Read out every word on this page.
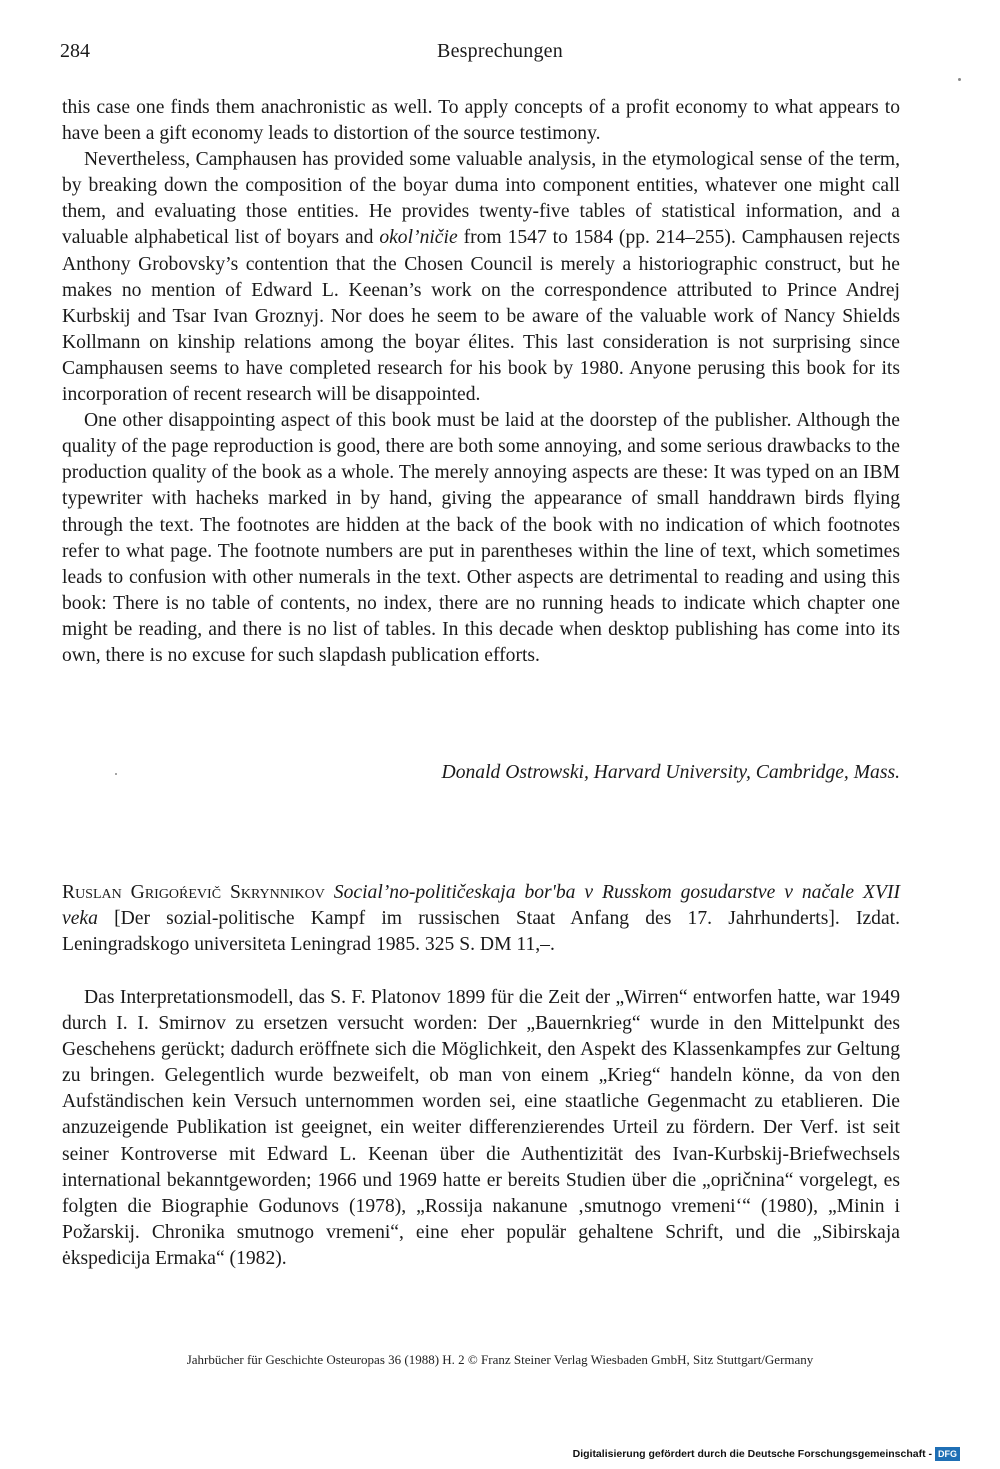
284	Besprechungen

this case one finds them anachronistic as well. To apply concepts of a profit economy to what appears to have been a gift economy leads to distortion of the source testimony.

Nevertheless, Camphausen has provided some valuable analysis, in the etymological sense of the term, by breaking down the composition of the boyar duma into component entities, whatever one might call them, and evaluating those entities. He provides twenty-five tables of statistical information, and a valuable alphabetical list of boyars and okol’ničie from 1547 to 1584 (pp. 214–255). Camphausen rejects Anthony Grobovsky’s contention that the Chosen Council is merely a historiographic construct, but he makes no mention of Edward L. Keenan’s work on the correspondence attributed to Prince Andrej Kurbskij and Tsar Ivan Groznyj. Nor does he seem to be aware of the valuable work of Nancy Shields Kollmann on kinship relations among the boyar élites. This last consideration is not surprising since Camphausen seems to have completed research for his book by 1980. Anyone perusing this book for its incorporation of recent research will be disappointed.

One other disappointing aspect of this book must be laid at the doorstep of the publisher. Although the quality of the page reproduction is good, there are both some annoying, and some serious drawbacks to the production quality of the book as a whole. The merely annoying aspects are these: It was typed on an IBM typewriter with hacheks marked in by hand, giving the appearance of small handdrawn birds flying through the text. The footnotes are hidden at the back of the book with no indication of which footnotes refer to what page. The footnote numbers are put in parentheses within the line of text, which sometimes leads to confusion with other numerals in the text. Other aspects are detrimental to reading and using this book: There is no table of contents, no index, there are no running heads to indicate which chapter one might be reading, and there is no list of tables. In this decade when desktop publishing has come into its own, there is no excuse for such slapdash publication efforts.

Donald Ostrowski, Harvard University, Cambridge, Mass.
Ruslan Grigoŕevič Skrynnikov Social’no-političeskaja bor'ba v Russkom gosudarstve v načale XVII veka [Der sozial-politische Kampf im russischen Staat Anfang des 17. Jahrhunderts]. Izdat. Leningradskogo universiteta Leningrad 1985. 325 S. DM 11,–.

Das Interpretationsmodell, das S. F. Platonov 1899 für die Zeit der „Wirren“ entworfen hatte, war 1949 durch I. I. Smirnov zu ersetzen versucht worden: Der „Bauernkrieg“ wurde in den Mittelpunkt des Geschehens gerückt; dadurch eröffnete sich die Möglichkeit, den Aspekt des Klassenkampfes zur Geltung zu bringen. Gelegentlich wurde bezweifelt, ob man von einem „Krieg“ handeln könne, da von den Aufständischen kein Versuch unternommen worden sei, eine staatliche Gegenmacht zu etablieren. Die anzuzeigende Publikation ist geeignet, ein weiter differenzierendes Urteil zu fördern. Der Verf. ist seit seiner Kontroverse mit Edward L. Keenan über die Authentizität des Ivan-Kurbskij-Briefwechsels international bekanntgeworden; 1966 und 1969 hatte er bereits Studien über die „opričnina“ vorgelegt, es folgten die Biographie Godunovs (1978), „Rossija nakanune ‚smutnogo vremeni‘“ (1980), „Minin i Požarskij. Chronika smutnogo vremeni“, eine eher populär gehaltene Schrift, und die „Sibirskaja ėkspedicija Ermaka“ (1982).

Jahrbücher für Geschichte Osteuropas 36 (1988) H. 2 © Franz Steiner Verlag Wiesbaden GmbH, Sitz Stuttgart/Germany
Digitalisierung gefördert durch die Deutsche Forschungsgemeinschaft - DFG
